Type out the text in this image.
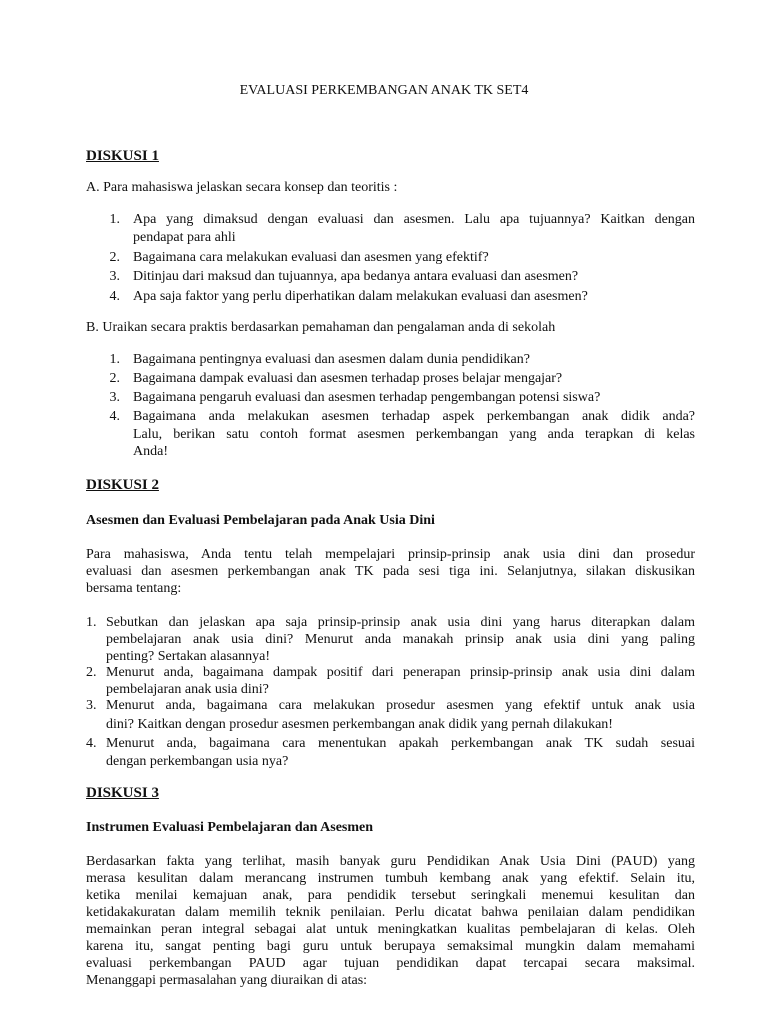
EVALUASI PERKEMBANGAN ANAK TK SET4
DISKUSI 1
A. Para mahasiswa jelaskan secara konsep dan teoritis :
1. Apa yang dimaksud dengan evaluasi dan asesmen. Lalu apa tujuannya? Kaitkan dengan
pendapat para ahli
2. Bagaimana cara melakukan evaluasi dan asesmen yang efektif?
3. Ditinjau dari maksud dan tujuannya, apa bedanya antara evaluasi dan asesmen?
4. Apa saja faktor yang perlu diperhatikan dalam melakukan evaluasi dan asesmen?
B. Uraikan secara praktis berdasarkan pemahaman dan pengalaman anda di sekolah
1. Bagaimana pentingnya evaluasi dan asesmen dalam dunia pendidikan?
2. Bagaimana dampak evaluasi dan asesmen terhadap proses belajar mengajar?
3. Bagaimana pengaruh evaluasi dan asesmen terhadap pengembangan potensi siswa?
4. Bagaimana anda melakukan asesmen terhadap aspek perkembangan anak didik anda?
Lalu, berikan satu contoh format asesmen perkembangan yang anda terapkan di kelas
Anda!
DISKUSI 2
Asesmen dan Evaluasi Pembelajaran pada Anak Usia Dini
Para mahasiswa, Anda tentu telah mempelajari prinsip-prinsip anak usia dini dan prosedur
evaluasi dan asesmen perkembangan anak TK pada sesi tiga ini. Selanjutnya, silakan diskusikan
bersama tentang:
1. Sebutkan dan jelaskan apa saja prinsip-prinsip anak usia dini yang harus diterapkan dalam
pembelajaran anak usia dini? Menurut anda manakah prinsip anak usia dini yang paling
penting? Sertakan alasannya!
2. Menurut anda, bagaimana dampak positif dari penerapan prinsip-prinsip anak usia dini dalam
pembelajaran anak usia dini?
3. Menurut anda, bagaimana cara melakukan prosedur asesmen yang efektif untuk anak usia
dini? Kaitkan dengan prosedur asesmen perkembangan anak didik yang pernah dilakukan!
4. Menurut anda, bagaimana cara menentukan apakah perkembangan anak TK sudah sesuai
dengan perkembangan usia nya?
DISKUSI 3
Instrumen Evaluasi Pembelajaran dan Asesmen
Berdasarkan fakta yang terlihat, masih banyak guru Pendidikan Anak Usia Dini (PAUD) yang
merasa kesulitan dalam merancang instrumen tumbuh kembang anak yang efektif. Selain itu,
ketika menilai kemajuan anak, para pendidik tersebut seringkali menemui kesulitan dan
ketidakakuratan dalam memilih teknik penilaian. Perlu dicatat bahwa penilaian dalam pendidikan
memainkan peran integral sebagai alat untuk meningkatkan kualitas pembelajaran di kelas. Oleh
karena itu, sangat penting bagi guru untuk berupaya semaksimal mungkin dalam memahami
evaluasi perkembangan PAUD agar tujuan pendidikan dapat tercapai secara maksimal.
Menanggapi permasalahan yang diuraikan di atas:
